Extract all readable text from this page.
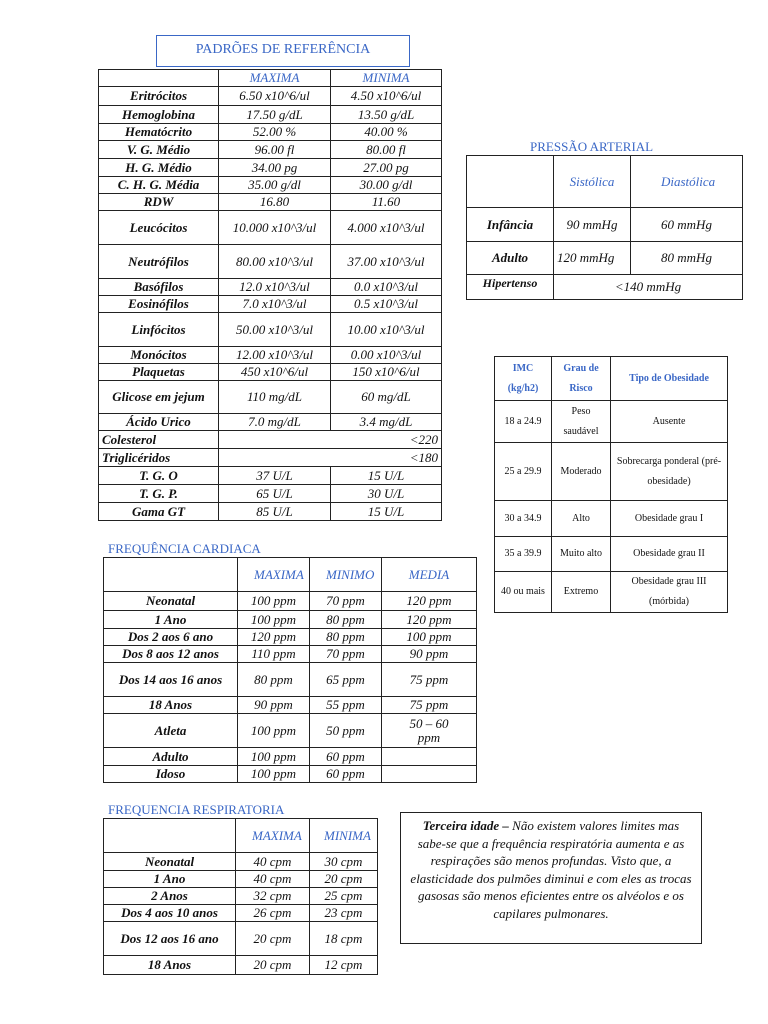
PADRÕES DE REFERÊNCIA
	MAXIMA	MINIMA
Eritrócitos	6.50 x10^6/ul	4.50 x10^6/ul
Hemoglobina	17.50 g/dL	13.50 g/dL
Hematócrito	52.00 %	40.00 %
V. G. Médio	96.00 fl	80.00 fl
H. G. Médio	34.00 pg	27.00 pg
C. H. G. Média	35.00 g/dl	30.00 g/dl
RDW	16.80	11.60
Leucócitos	10.000 x10^3/ul	4.000 x10^3/ul
Neutrófilos	80.00 x10^3/ul	37.00 x10^3/ul
Basófilos	12.0 x10^3/ul	0.0 x10^3/ul
Eosinófilos	7.0 x10^3/ul	0.5 x10^3/ul
Linfócitos	50.00 x10^3/ul	10.00 x10^3/ul
Monócitos	12.00 x10^3/ul	0.00 x10^3/ul
Plaquetas	450 x10^6/ul	150 x10^6/ul
Glicose em jejum	110 mg/dL	60 mg/dL
Ácido Urico	7.0 mg/dL	3.4 mg/dL
Colesterol	<220	
Triglicéridos	<180	
T. G. O	37 U/L	15 U/L
T. G. P.	65 U/L	30 U/L
Gama GT	85 U/L	15 U/L
PRESSÃO ARTERIAL
	Sistólica	Diastólica
Infância	90 mmHg	60 mmHg
Adulto	120 mmHg	80 mmHg
Hipertenso	<140 mmHg	
IMC (kg/h2)	Grau de Risco	Tipo de Obesidade
18 a 24.9	Peso saudável	Ausente
25 a 29.9	Moderado	Sobrecarga ponderal (pré-obesidade)
30 a 34.9	Alto	Obesidade grau I
35 a 39.9	Muito alto	Obesidade grau II
40 ou mais	Extremo	Obesidade grau III (mórbida)
FREQUÊNCIA CARDIACA
	MAXIMA	MINIMO	MEDIA
Neonatal	100 ppm	70 ppm	120 ppm
1 Ano	100 ppm	80 ppm	120 ppm
Dos 2 aos 6 ano	120 ppm	80 ppm	100 ppm
Dos 8 aos 12 anos	110 ppm	70 ppm	90 ppm
Dos 14 aos 16 anos	80 ppm	65 ppm	75 ppm
18 Anos	90 ppm	55 ppm	75 ppm
Atleta	100 ppm	50 ppm	50 – 60 ppm
Adulto	100 ppm	60 ppm	
Idoso	100 ppm	60 ppm	
FREQUENCIA RESPIRATORIA
	MAXIMA	MINIMA
Neonatal	40 cpm	30 cpm
1 Ano	40 cpm	20 cpm
2 Anos	32 cpm	25 cpm
Dos 4 aos 10 anos	26 cpm	23 cpm
Dos 12 aos 16 ano	20 cpm	18 cpm
18 Anos	20 cpm	12 cpm
Terceira idade – Não existem valores limites mas sabe-se que a frequência respiratória aumenta e as respirações são menos profundas. Visto que, a elasticidade dos pulmões diminui e com eles as trocas gasosas são menos eficientes entre os alvéolos e os capilares pulmonares.
